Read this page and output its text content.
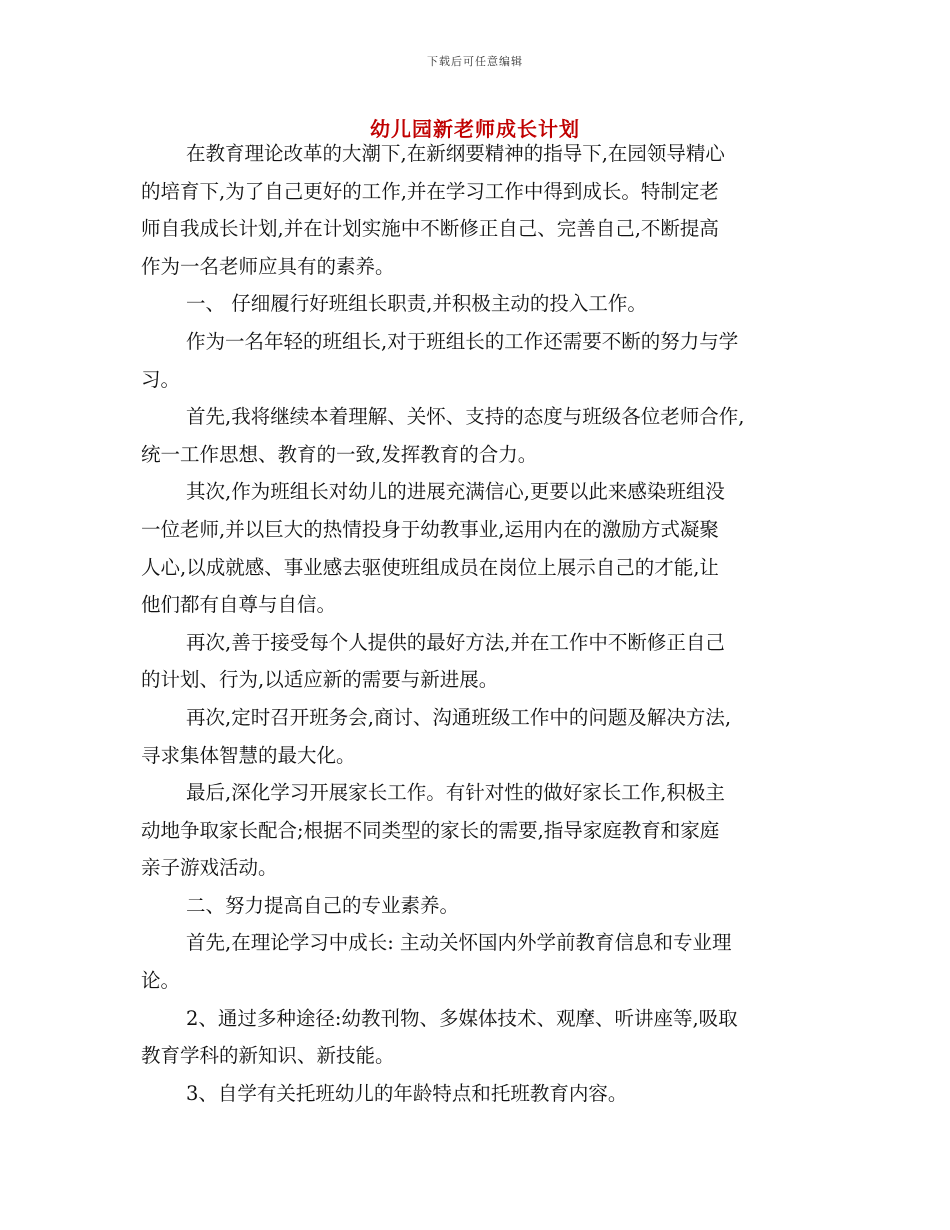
下载后可任意编辑
幼儿园新老师成长计划
在教育理论改革的大潮下,在新纲要精神的指导下,在园领导精心
的培育下,为了自己更好的工作,并在学习工作中得到成长。特制定老
师自我成长计划,并在计划实施中不断修正自己、完善自己,不断提高
作为一名老师应具有的素养。
一、 仔细履行好班组长职责,并积极主动的投入工作。
作为一名年轻的班组长,对于班组长的工作还需要不断的努力与学
习。
首先,我将继续本着理解、关怀、支持的态度与班级各位老师合作,
统一工作思想、教育的一致,发挥教育的合力。
其次,作为班组长对幼儿的进展充满信心,更要以此来感染班组没
一位老师,并以巨大的热情投身于幼教事业,运用内在的激励方式凝聚
人心,以成就感、事业感去驱使班组成员在岗位上展示自己的才能,让
他们都有自尊与自信。
再次,善于接受每个人提供的最好方法,并在工作中不断修正自己
的计划、行为,以适应新的需要与新进展。
再次,定时召开班务会,商讨、沟通班级工作中的问题及解决方法,
寻求集体智慧的最大化。
最后,深化学习开展家长工作。有针对性的做好家长工作,积极主
动地争取家长配合;根据不同类型的家长的需要,指导家庭教育和家庭
亲子游戏活动。
二、努力提高自己的专业素养。
首先,在理论学习中成长: 主动关怀国内外学前教育信息和专业理
论。
2、通过多种途径:幼教刊物、多媒体技术、观摩、听讲座等,吸取
教育学科的新知识、新技能。
3、自学有关托班幼儿的年龄特点和托班教育内容。
